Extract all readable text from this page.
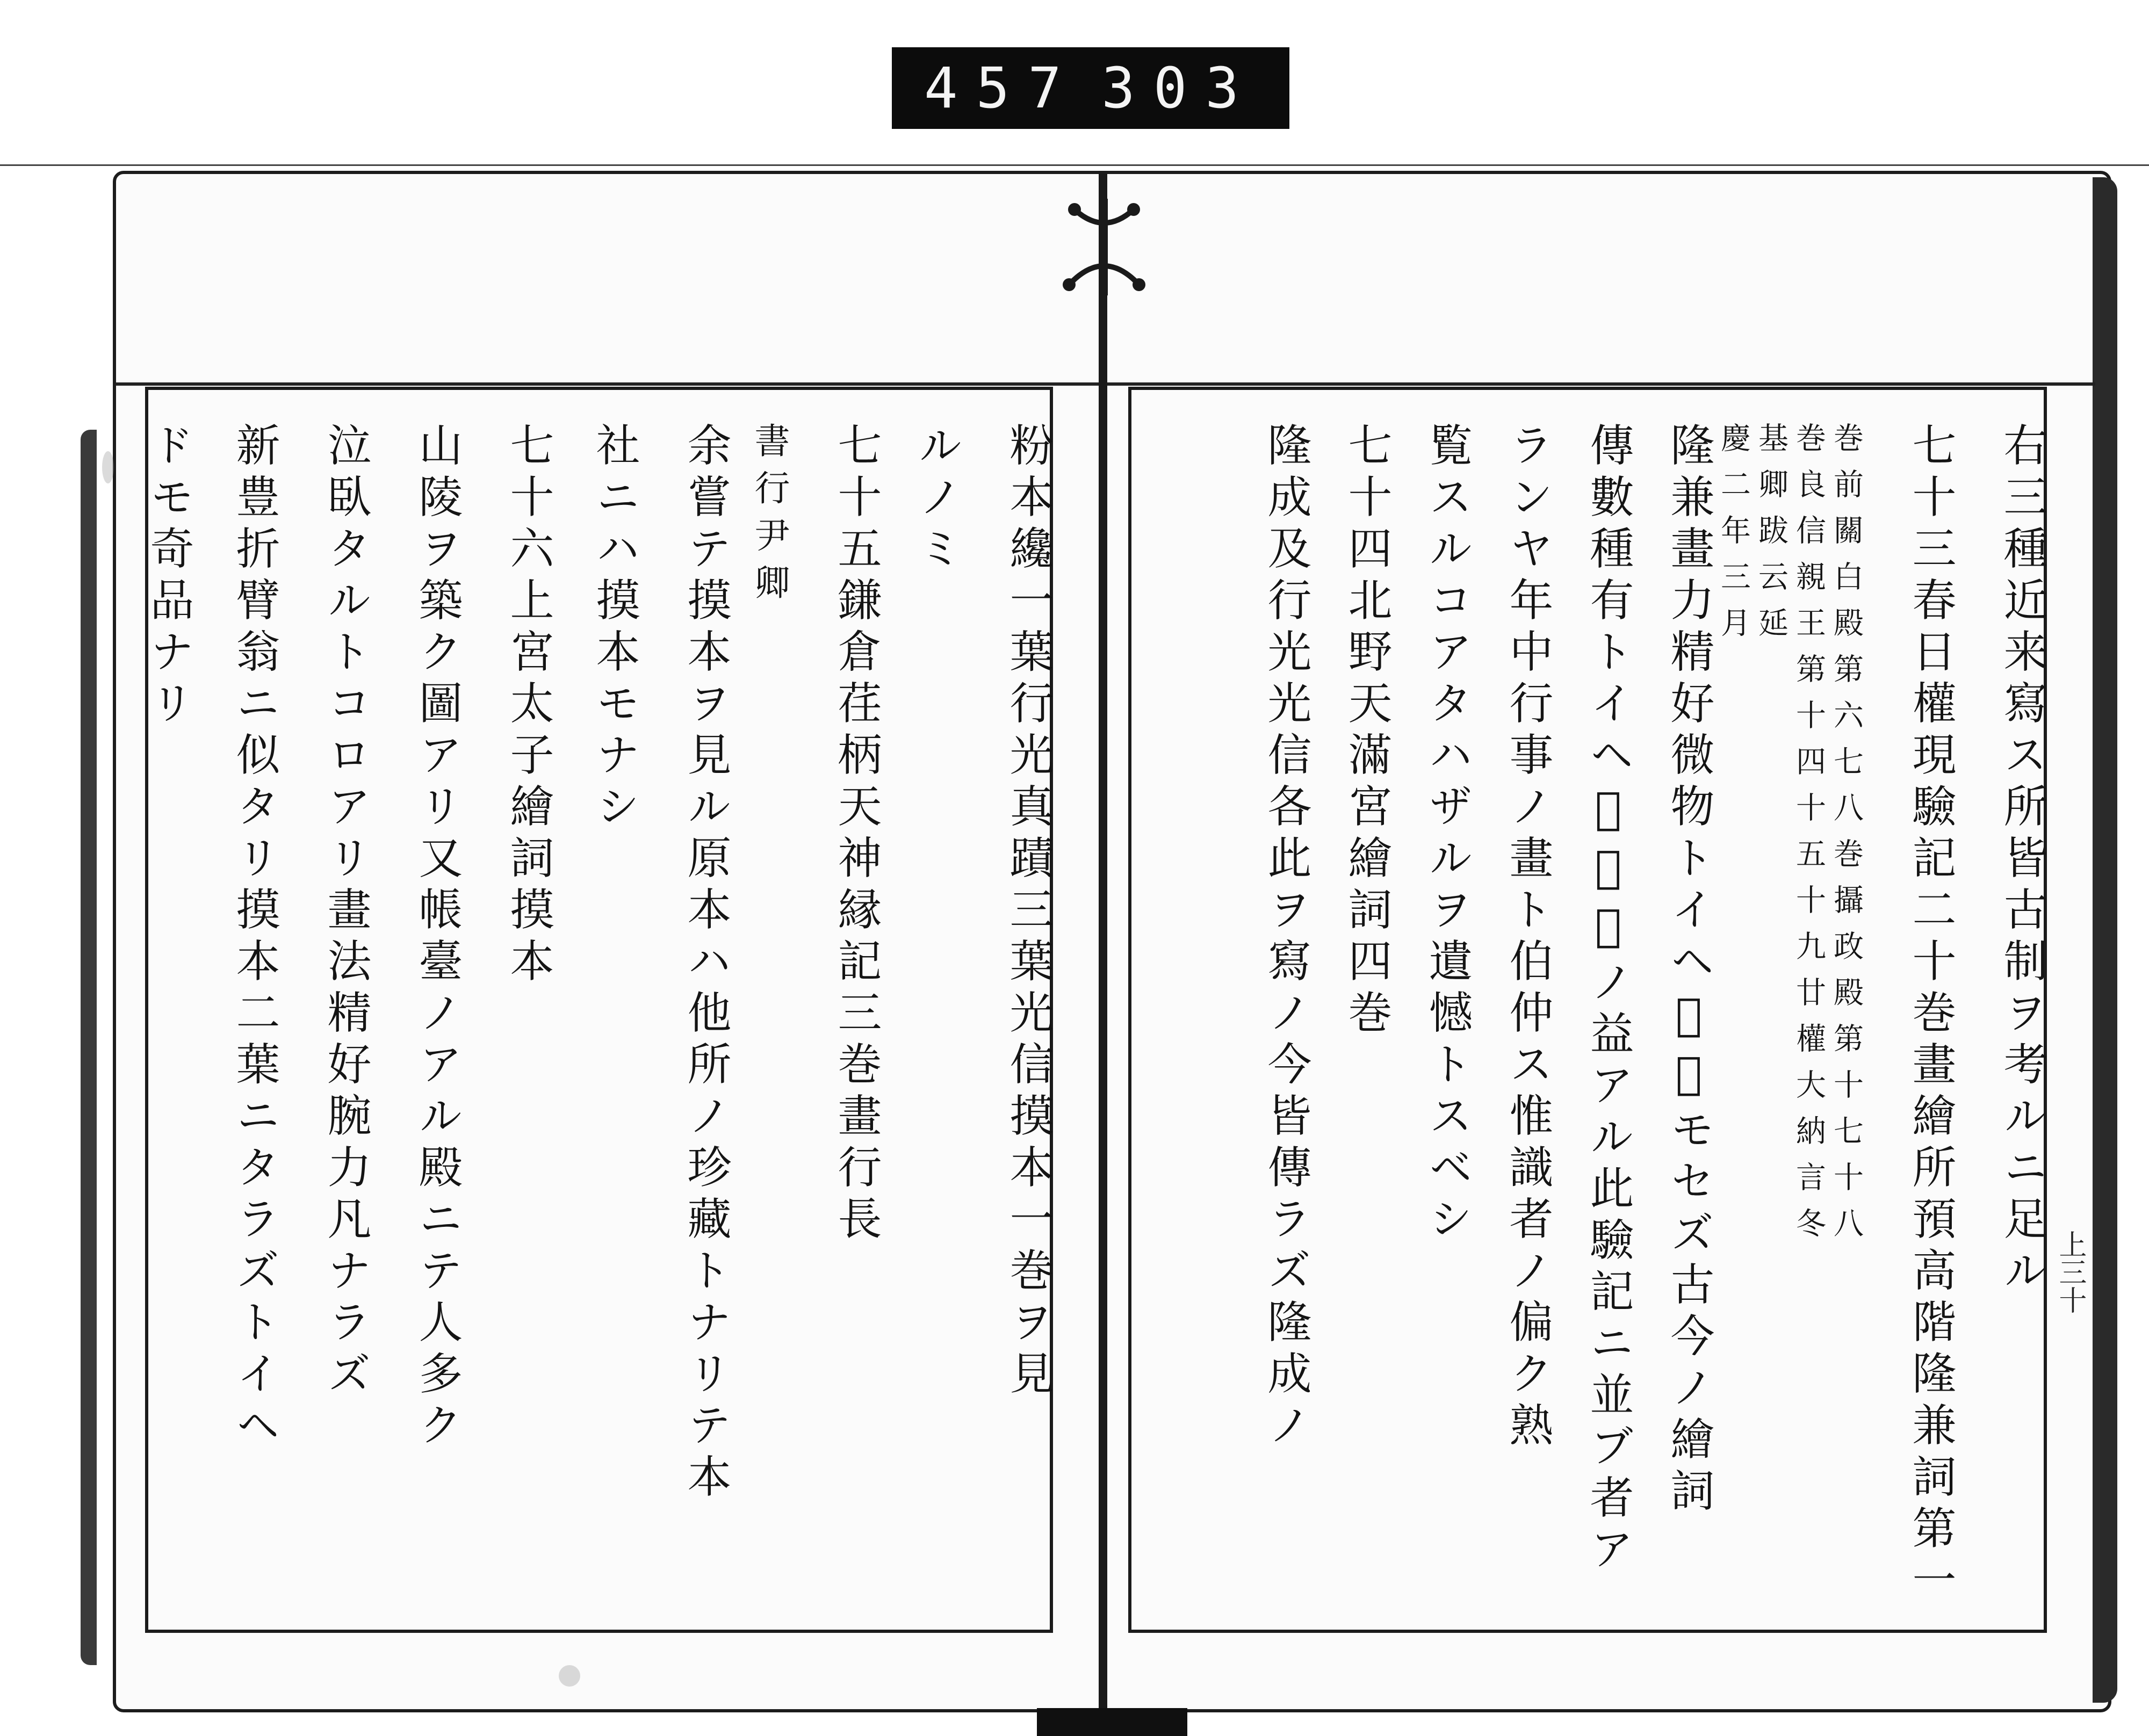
457 303
右三種近来寫ス所皆古制ヲ考ルニ足ル
七十三春日權現驗記二十巻畫繪所預高階隆兼詞第一
巻前關白殿第六七八巻攝政殿第十七十八
巻良信親王第十四十五十九廿權大納言冬
基卿跋云延
慶二年三月
隆兼畫力精好微物トイヘ𪜈苟モセズ古今ノ繪詞
傳數種有トイヘ𪜈考古ノ益アル此驗記ニ並ブ者ア
ランヤ年中行事ノ畫ト伯仲ス惟識者ノ偏ク熟
覧スルコアタハザルヲ遺憾トスベシ
七十四北野天滿宮繪詞四巻
隆成及行光光信各此ヲ寫ノ今皆傳ラズ隆成ノ
粉本纔一葉行光真蹟三葉光信摸本一巻ヲ見
ルノミ
七十五鎌倉荏柄天神縁記三巻畫行長
書行尹卿
余嘗テ摸本ヲ見ル原本ハ他所ノ珍藏トナリテ本
社ニハ摸本モナシ
七十六上宮太子繪詞摸本
山陵ヲ築ク圖アリ又帳臺ノアル殿ニテ人多ク
泣臥タルトコロアリ畫法精好腕力凡ナラズ
新豊折臂翁ニ似タリ摸本二葉ニタラズトイヘ
ドモ奇品ナリ
上三十
